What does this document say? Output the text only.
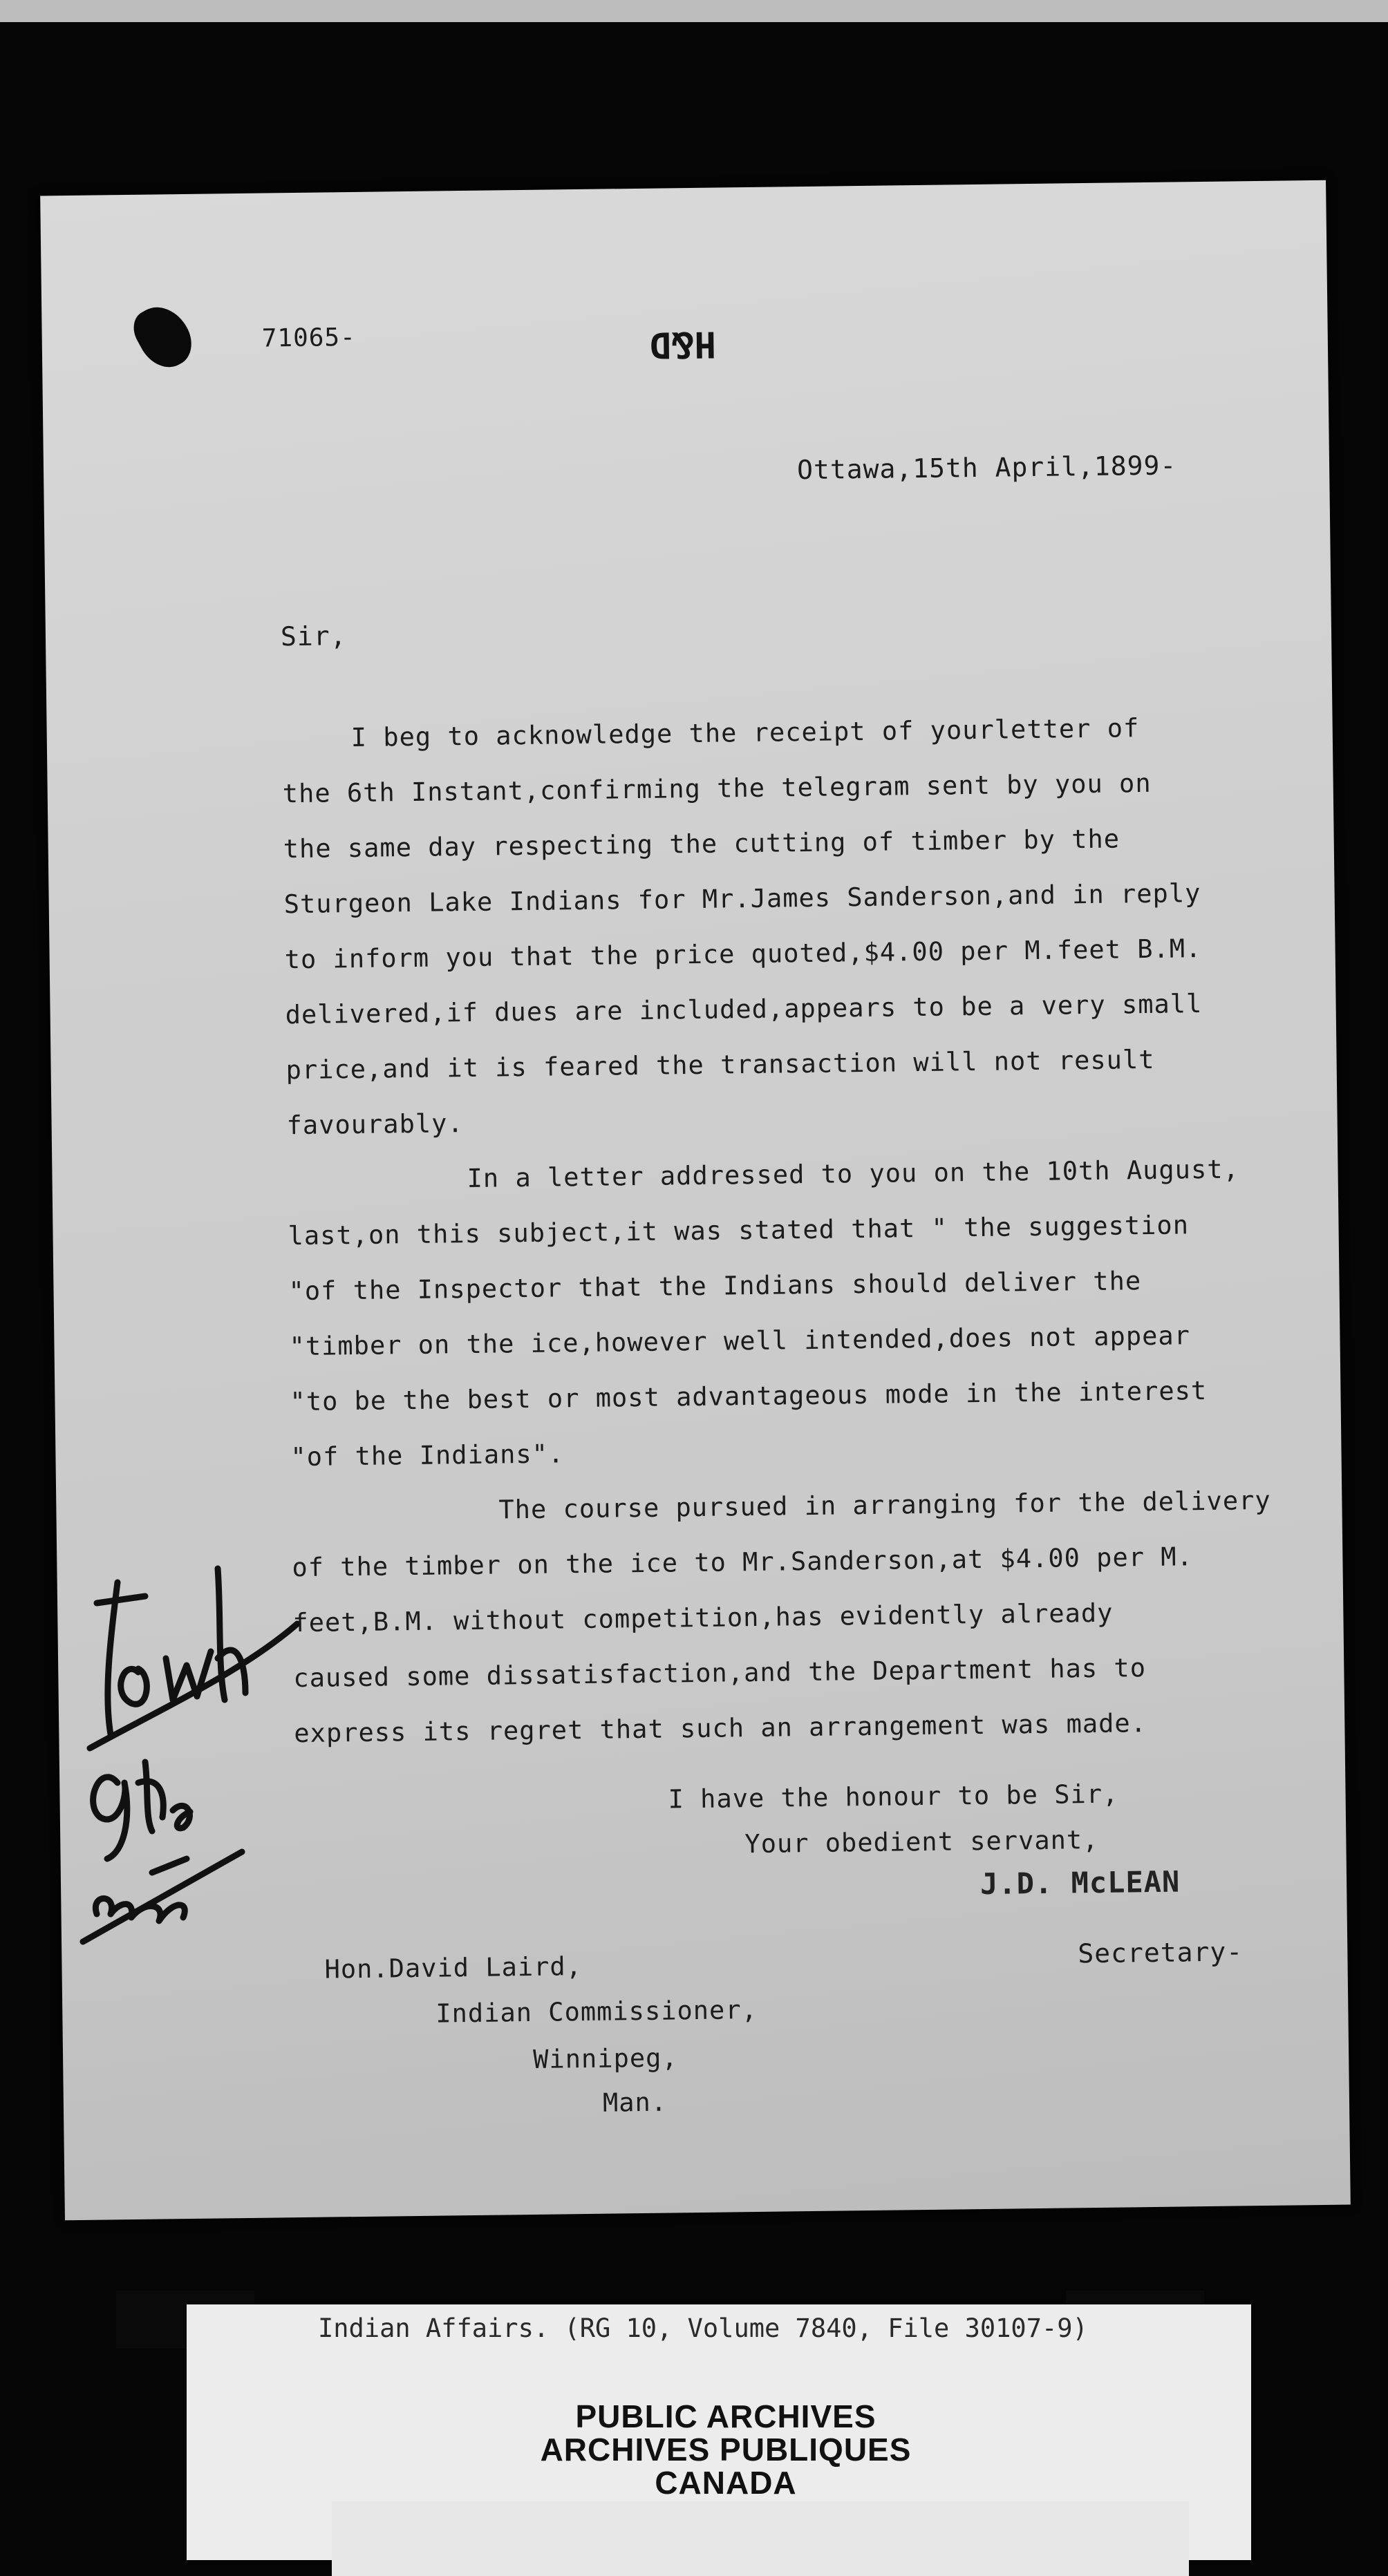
71065-	H&D
Ottawa,15th April,1899-
Sir,
I beg to acknowledge the receipt of yourletter of
the 6th Instant,confirming the telegram sent by you on
the same day respecting the cutting of timber by the
Sturgeon Lake Indians for Mr.James Sanderson,and in reply
to inform you that the price quoted,$4.00 per M.feet B.M.
delivered,if dues are included,appears to be a very small
price,and it is feared the transaction will not result
favourably.
In a letter addressed to you on the 10th August,
last,on this subject,it was stated that " the suggestion
"of the Inspector that the Indians should deliver the
"timber on the ice,however well intended,does not appear
"to be the best or most advantageous mode in the interest
"of the Indians".
The course pursued in arranging for the delivery
of the timber on the ice to Mr.Sanderson,at $4.00 per M.
feet,B.M. without competition,has evidently already
caused some dissatisfaction,and the Department has to
express its regret that such an arrangement was made.
I have the honour to be Sir,
Your obedient servant,
J.D. McLEAN
Secretary-
Hon.David Laird,
Indian Commissioner,
Winnipeg,
Man.
Indian Affairs. (RG 10, Volume 7840, File 30107-9)
PUBLIC ARCHIVES
ARCHIVES PUBLIQUES
CANADA
